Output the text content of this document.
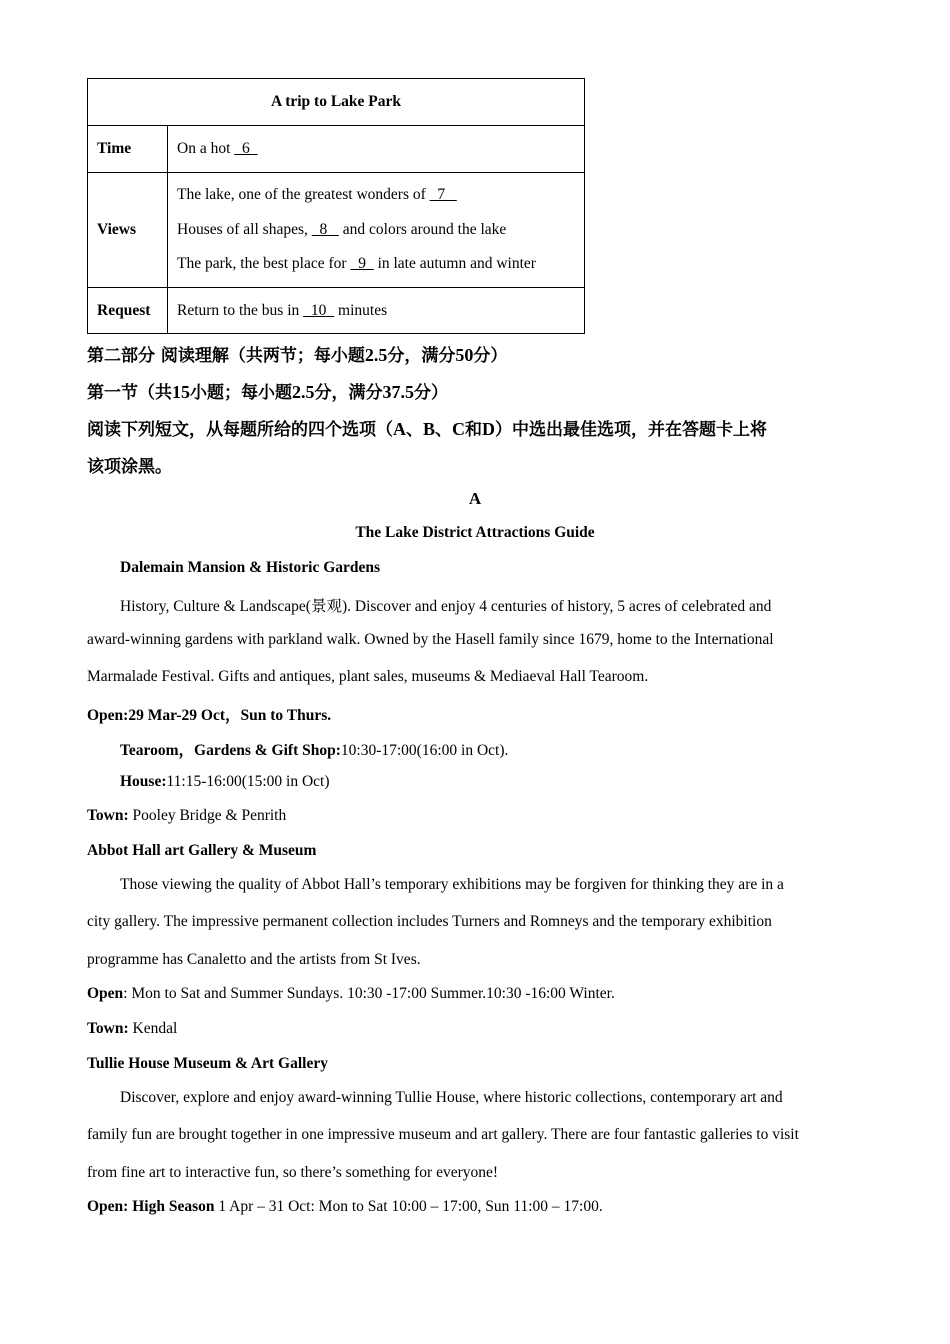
A trip to Lake Park	
Time	On a hot   6
Views	The lake, one of the greatest wonders of   7
Houses of all shapes,   8    and colors around the lake
The park, the best place for   9   in late autumn and winter

Request	Return to the bus in   10   minutes
第二部分 阅读理解（共两节；每小题2.5分，满分50分）
第一节（共15小题；每小题2.5分，满分37.5分）
阅读下列短文，从每题所给的四个选项（A、B、C和D）中选出最佳选项，并在答题卡上将
该项涂黑。
A
The Lake District Attractions Guide
Dalemain Mansion & Historic Gardens
History, Culture & Landscape(景观). Discover and enjoy 4 centuries of history, 5 acres of celebrated and
award-winning gardens with parkland walk. Owned by the Hasell family since 1679, home to the International
Marmalade Festival. Gifts and antiques, plant sales, museums & Mediaeval Hall Tearoom.
Open:29 Mar-29 Oct，Sun to Thurs.
Tearoom，Gardens & Gift Shop:10:30-17:00(16:00 in Oct).
House:11:15-16:00(15:00 in Oct)
Town: Pooley Bridge & Penrith
Abbot Hall art Gallery & Museum
Those viewing the quality of Abbot Hall’s temporary exhibitions may be forgiven for thinking they are in a
city gallery. The impressive permanent collection includes Turners and Romneys and the temporary exhibition
programme has Canaletto and the artists from St Ives.
Open: Mon to Sat and Summer Sundays. 10:30 -17:00 Summer.10:30 -16:00 Winter.
Town: Kendal
Tullie House Museum & Art Gallery
Discover, explore and enjoy award-winning Tullie House, where historic collections, contemporary art and
family fun are brought together in one impressive museum and art gallery. There are four fantastic galleries to visit
from fine art to interactive fun, so there’s something for everyone!
Open: High Season 1 Apr – 31 Oct: Mon to Sat 10:00 – 17:00, Sun 11:00 – 17:00.
